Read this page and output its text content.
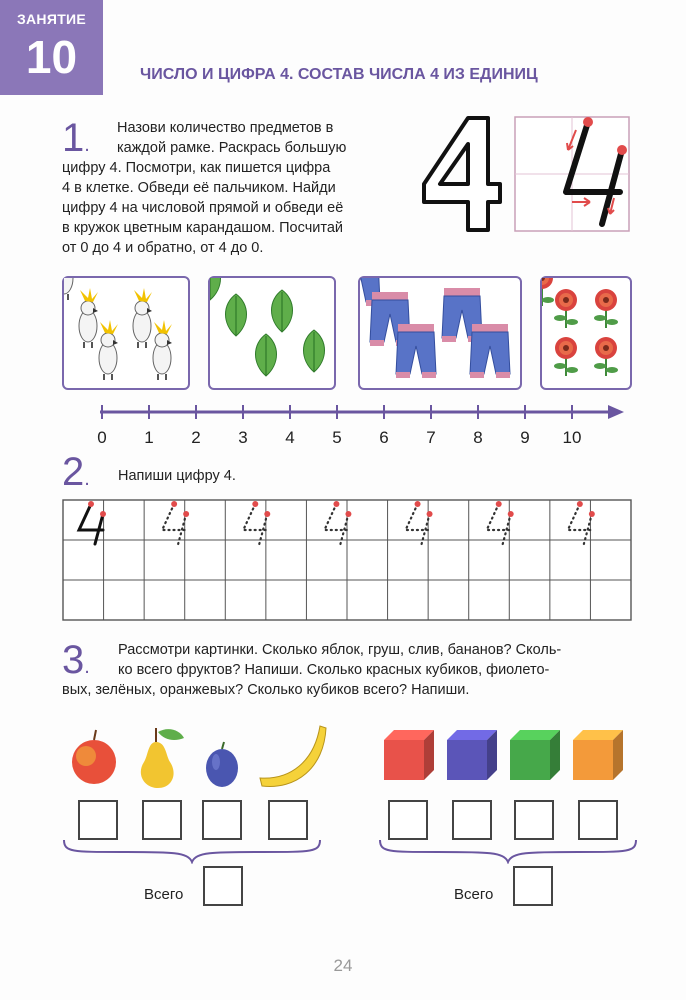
ЗАНЯТИЕ
10	ЧИСЛО И ЦИФРА 4. СОСТАВ ЧИСЛА 4 ИЗ ЕДИНИЦ
1.
Назови количество предметов в
каждой рамке. Раскрась большую
цифру 4. Посмотри, как пишется цифра
4 в клетке. Обведи её пальчиком. Найди
цифру 4 на числовой прямой и обведи её
в кружок цветным карандашом. Посчитай
от 0 до 4 и обратно, от 4 до 0.
0	1	2	3	4	5	6	7	8	9	10
2. Напиши цифру 4.
3.
Рассмотри картинки. Сколько яблок, груш, слив, бананов? Сколь-
ко всего фруктов? Напиши. Сколько красных кубиков, фиолето-
вых, зелёных, оранжевых? Сколько кубиков всего? Напиши.
Всего	Всего
24
